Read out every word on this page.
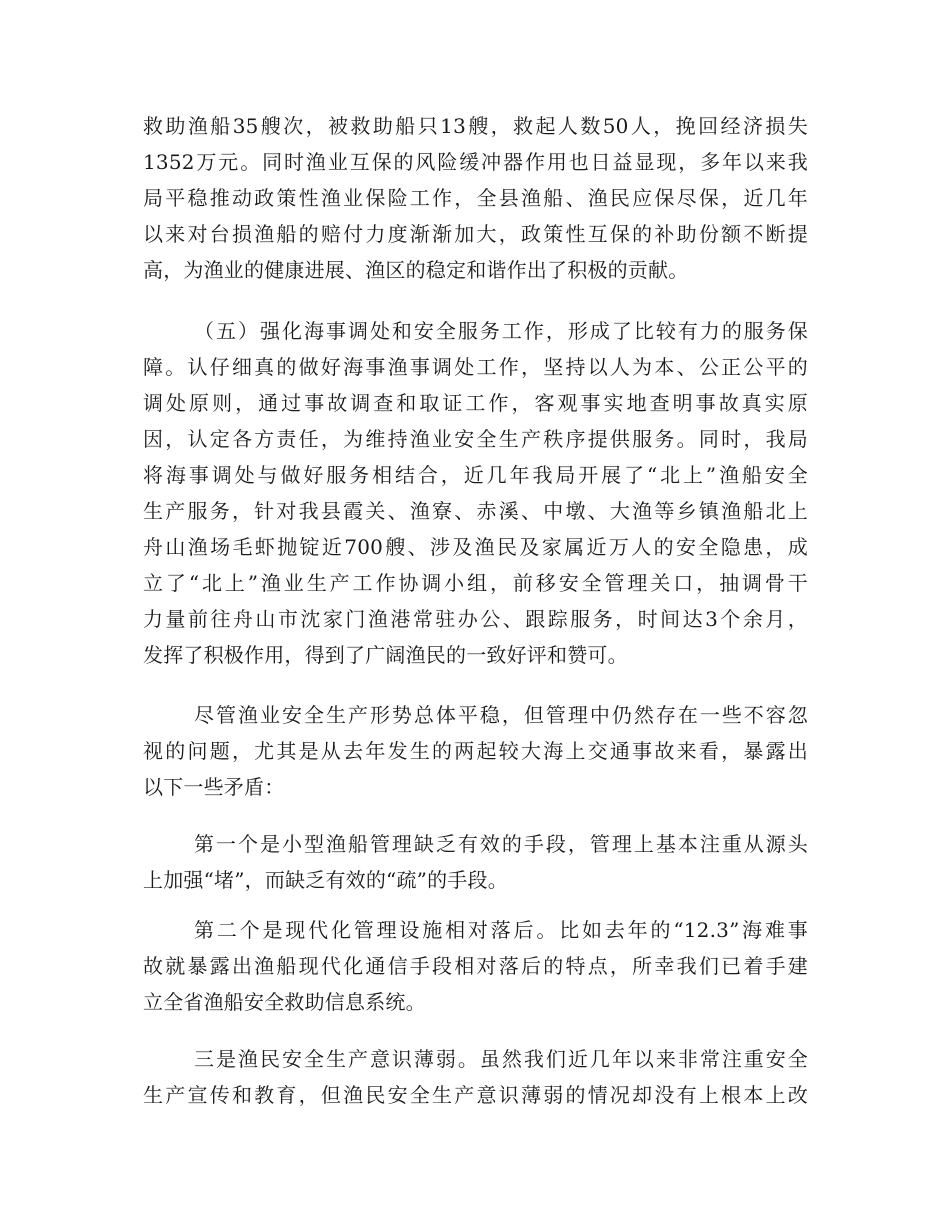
救助渔船35艘次，被救助船只13艘，救起人数50人，挽回经济损失
1352万元。同时渔业互保的风险缓冲器作用也日益显现，多年以来我
局平稳推动政策性渔业保险工作，全县渔船、渔民应保尽保，近几年
以来对台损渔船的赔付力度渐渐加大，政策性互保的补助份额不断提
高，为渔业的健康进展、渔区的稳定和谐作出了积极的贡献。
（五）强化海事调处和安全服务工作，形成了比较有力的服务保
障。认仔细真的做好海事渔事调处工作，坚持以人为本、公正公平的
调处原则，通过事故调查和取证工作，客观事实地查明事故真实原
因，认定各方责任，为维持渔业安全生产秩序提供服务。同时，我局
将海事调处与做好服务相结合，近几年我局开展了“北上”渔船安全
生产服务，针对我县霞关、渔寮、赤溪、中墩、大渔等乡镇渔船北上
舟山渔场毛虾抛锭近700艘、涉及渔民及家属近万人的安全隐患，成
立了“北上”渔业生产工作协调小组，前移安全管理关口，抽调骨干
力量前往舟山市沈家门渔港常驻办公、跟踪服务，时间达3个余月，
发挥了积极作用，得到了广阔渔民的一致好评和赞可。
尽管渔业安全生产形势总体平稳，但管理中仍然存在一些不容忽
视的问题，尤其是从去年发生的两起较大海上交通事故来看，暴露出
以下一些矛盾：
第一个是小型渔船管理缺乏有效的手段，管理上基本注重从源头
上加强“堵”，而缺乏有效的“疏”的手段。
第二个是现代化管理设施相对落后。比如去年的“12.3”海难事
故就暴露出渔船现代化通信手段相对落后的特点，所幸我们已着手建
立全省渔船安全救助信息系统。
三是渔民安全生产意识薄弱。虽然我们近几年以来非常注重安全
生产宣传和教育，但渔民安全生产意识薄弱的情况却没有上根本上改
